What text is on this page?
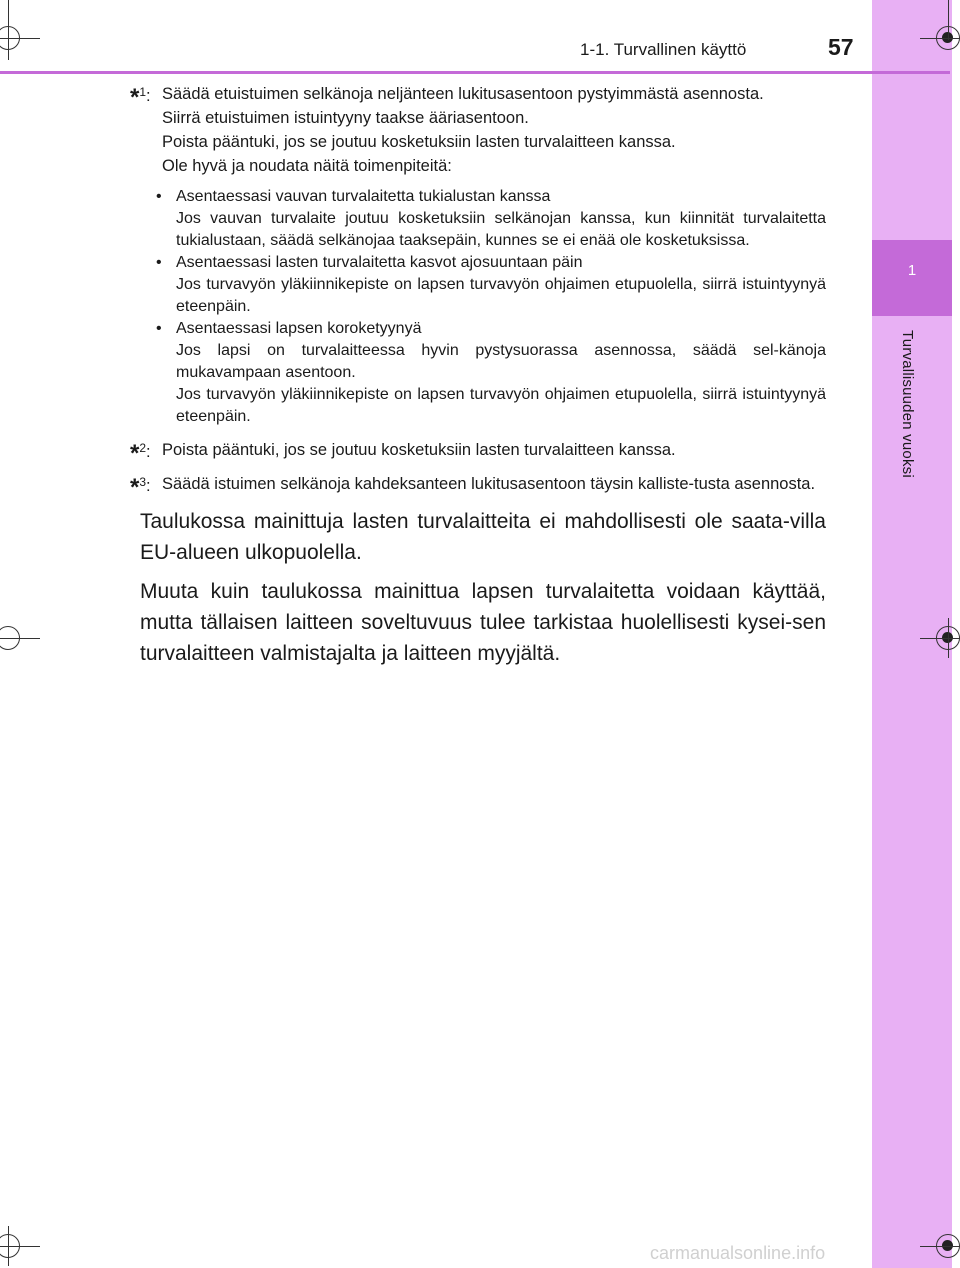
1
Turvallisuuden vuoksi
1-1. Turvallinen käyttö	57
*$^1$: Säädä etuistuimen selkänoja neljänteen lukitusasentoon pystyimmästä asennosta.

Siirrä etuistuimen istuintyyny taakse ääriasentoon.

Poista pääntuki, jos se joutuu kosketuksiin lasten turvalaitteen kanssa.

Ole hyvä ja noudata näitä toimenpiteitä:

• Asentaessasi vauvan turvalaitetta tukialustan kanssa
Jos vauvan turvalaite joutuu kosketuksiin selkänojan kanssa, kun kiinnität turvalaitetta tukialustaan, säädä selkänojaa taaksepäin, kunnes se ei enää ole kosketuksissa.
• Asentaessasi lasten turvalaitetta kasvot ajosuuntaan päin
Jos turvavyön yläkiinnikepiste on lapsen turvavyön ohjaimen etupuolella, siirrä istuintyynyä eteenpäin.
• Asentaessasi lapsen koroketyynyä
Jos lapsi on turvalaitteessa hyvin pystysuorassa asennossa, säädä sel-känoja mukavampaan asentoon.
Jos turvavyön yläkiinnikepiste on lapsen turvavyön ohjaimen etupuolella, siirrä istuintyynyä eteenpäin.
*$^2$: Poista pääntuki, jos se joutuu kosketuksiin lasten turvalaitteen kanssa.

*$^3$: Säädä istuimen selkänoja kahdeksanteen lukitusasentoon täysin kalliste-tusta asennosta.

Taulukossa mainittuja lasten turvalaitteita ei mahdollisesti ole saata-villa EU-alueen ulkopuolella.

Muuta kuin taulukossa mainittua lapsen turvalaitetta voidaan käyttää, mutta tällaisen laitteen soveltuvuus tulee tarkistaa huolellisesti kysei-sen turvalaitteen valmistajalta ja laitteen myyjältä.

carmanualsonline.info
